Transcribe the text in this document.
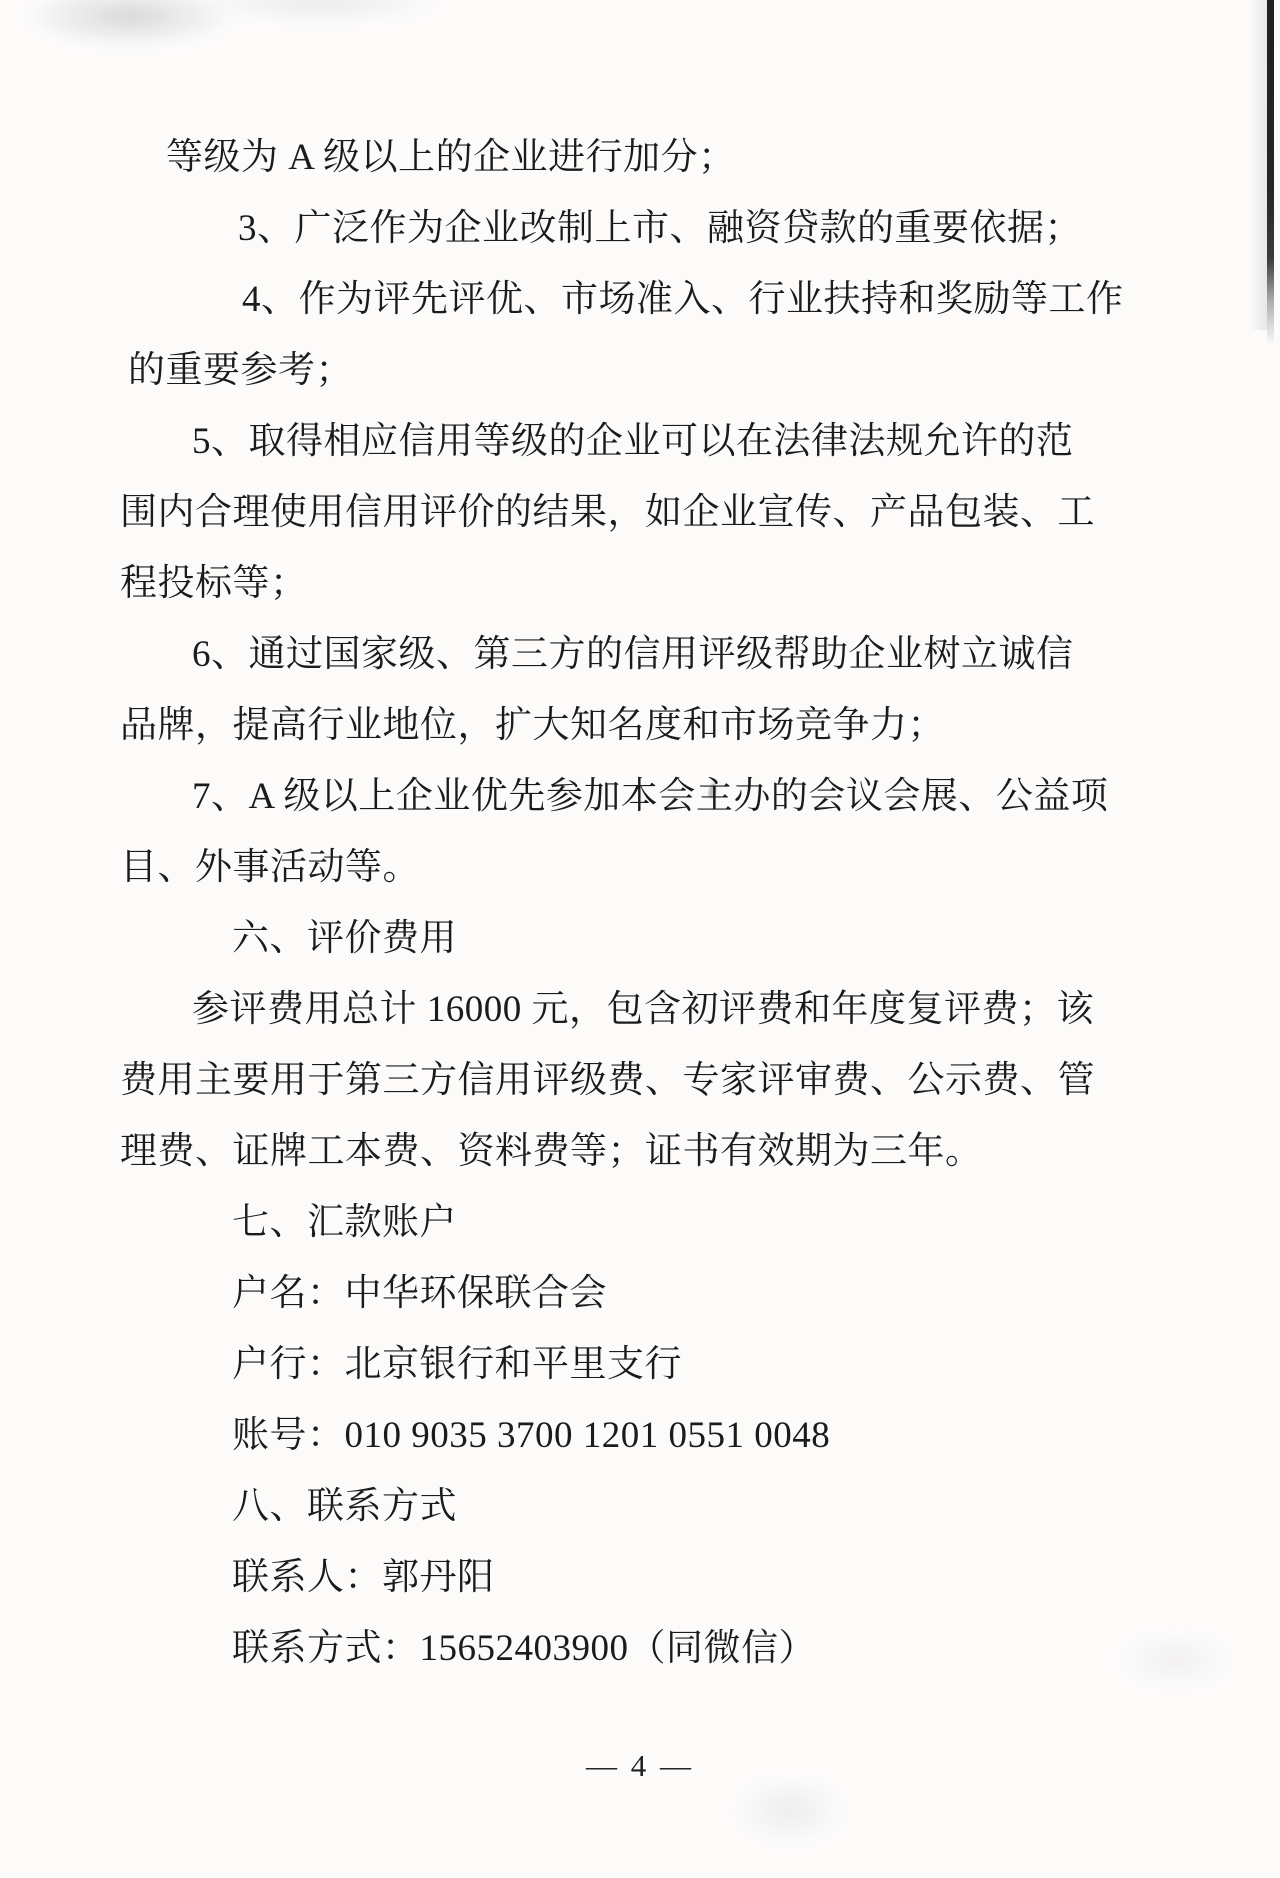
等级为 A 级以上的企业进行加分；
3、广泛作为企业改制上市、融资贷款的重要依据；
4、作为评先评优、市场准入、行业扶持和奖励等工作
的重要参考；
5、取得相应信用等级的企业可以在法律法规允许的范
围内合理使用信用评价的结果，如企业宣传、产品包装、工
程投标等；
6、通过国家级、第三方的信用评级帮助企业树立诚信
品牌，提高行业地位，扩大知名度和市场竞争力；
7、A 级以上企业优先参加本会主办的会议会展、公益项
目、外事活动等。
六、评价费用
参评费用总计 16000 元，包含初评费和年度复评费；该
费用主要用于第三方信用评级费、专家评审费、公示费、管
理费、证牌工本费、资料费等；证书有效期为三年。
七、汇款账户
户名：中华环保联合会
户行：北京银行和平里支行
账号：010 9035 3700 1201 0551 0048
八、联系方式
联系人：郭丹阳
联系方式：15652403900（同微信）
— 4 —
